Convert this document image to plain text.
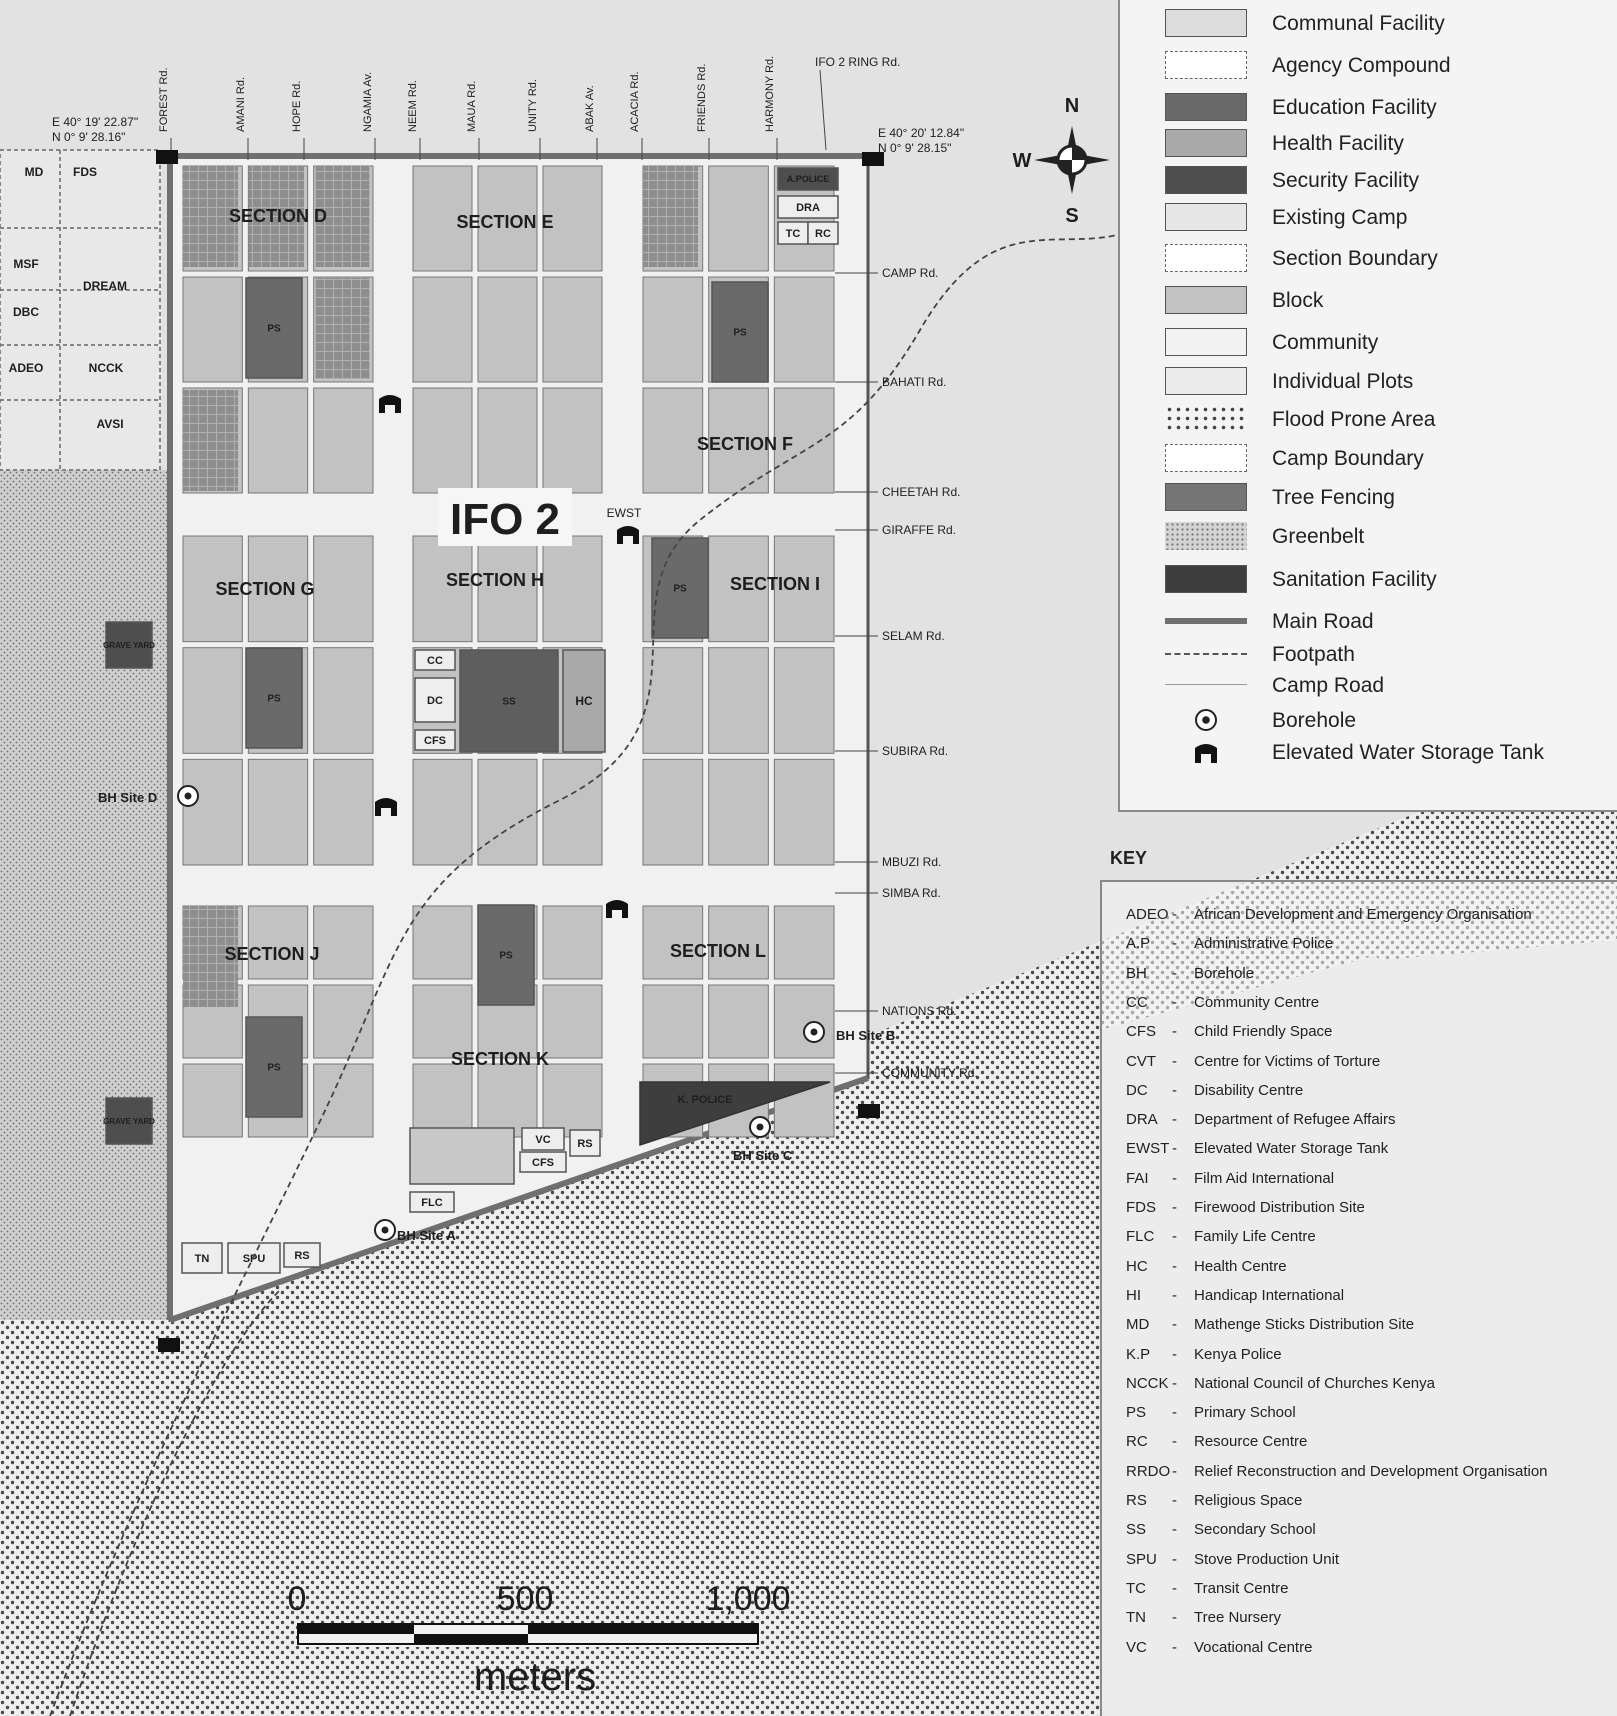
SECTION D	SECTION E
SECTION F
SECTION G	SECTION H	SECTION I
SECTION J
SECTION K
SECTION L
PS	PS
PS
PS
PS
PS
SS	HC
CC
DC
CFS
VC
CFS
RS
FLC
TN	SPU	RS
A.POLICE
DRA
TC RC
K. POLICE
GRAVE YARD
GRAVE YARD
MD FDS
MSF
DBC
DREAM
ADEO	NCCK
AVSI
FOREST Rd.	AMANI Rd.	HOPE Rd.	NGAMIA Av.	NEEM Rd.	MAUA Rd.	UNITY Rd.	ABAK Av.	ACACIA Rd.	FRIENDS Rd.	HARMONY Rd.	IFO 2 RING Rd.
CAMP Rd.
BAHATI Rd.
CHEETAH Rd.
GIRAFFE Rd.
SELAM Rd.
SUBIRA Rd.
MBUZI Rd.
SIMBA Rd.
NATIONS Rd.
COMMUNITY Rd.
E 40° 19' 22.87"
N 0° 9' 28.16"	E 40° 20' 12.84"
N 0° 9' 28.15"
EWST
BH Site D
BH Site B
BH Site C
BH Site A
N
S
W
0	500	1,000
meters
IFO 2
Communal Facility
Agency Compound
Education Facility
Health Facility
Security Facility
Existing Camp
Section Boundary
Block
Community
Individual Plots
Flood Prone Area
Camp Boundary
Tree Fencing
Greenbelt
Sanitation Facility
Main Road
Footpath
Camp Road
Borehole
Elevated Water Storage Tank
KEY
ADEO - African Development and Emergency Organisation
A.P - Administrative Police
BH - Borehole
CC - Community Centre
CFS - Child Friendly Space
CVT - Centre for Victims of Torture
DC - Disability Centre
DRA - Department of Refugee Affairs
EWST - Elevated Water Storage Tank
FAI - Film Aid International
FDS - Firewood Distribution Site
FLC - Family Life Centre
HC - Health Centre
HI - Handicap International
MD - Mathenge Sticks Distribution Site
K.P - Kenya Police
NCCK - National Council of Churches Kenya
PS - Primary School
RC - Resource Centre
RRDO - Relief Reconstruction and Development Organisation
RS - Religious Space
SS - Secondary School
SPU - Stove Production Unit
TC - Transit Centre
TN - Tree Nursery
VC - Vocational Centre
